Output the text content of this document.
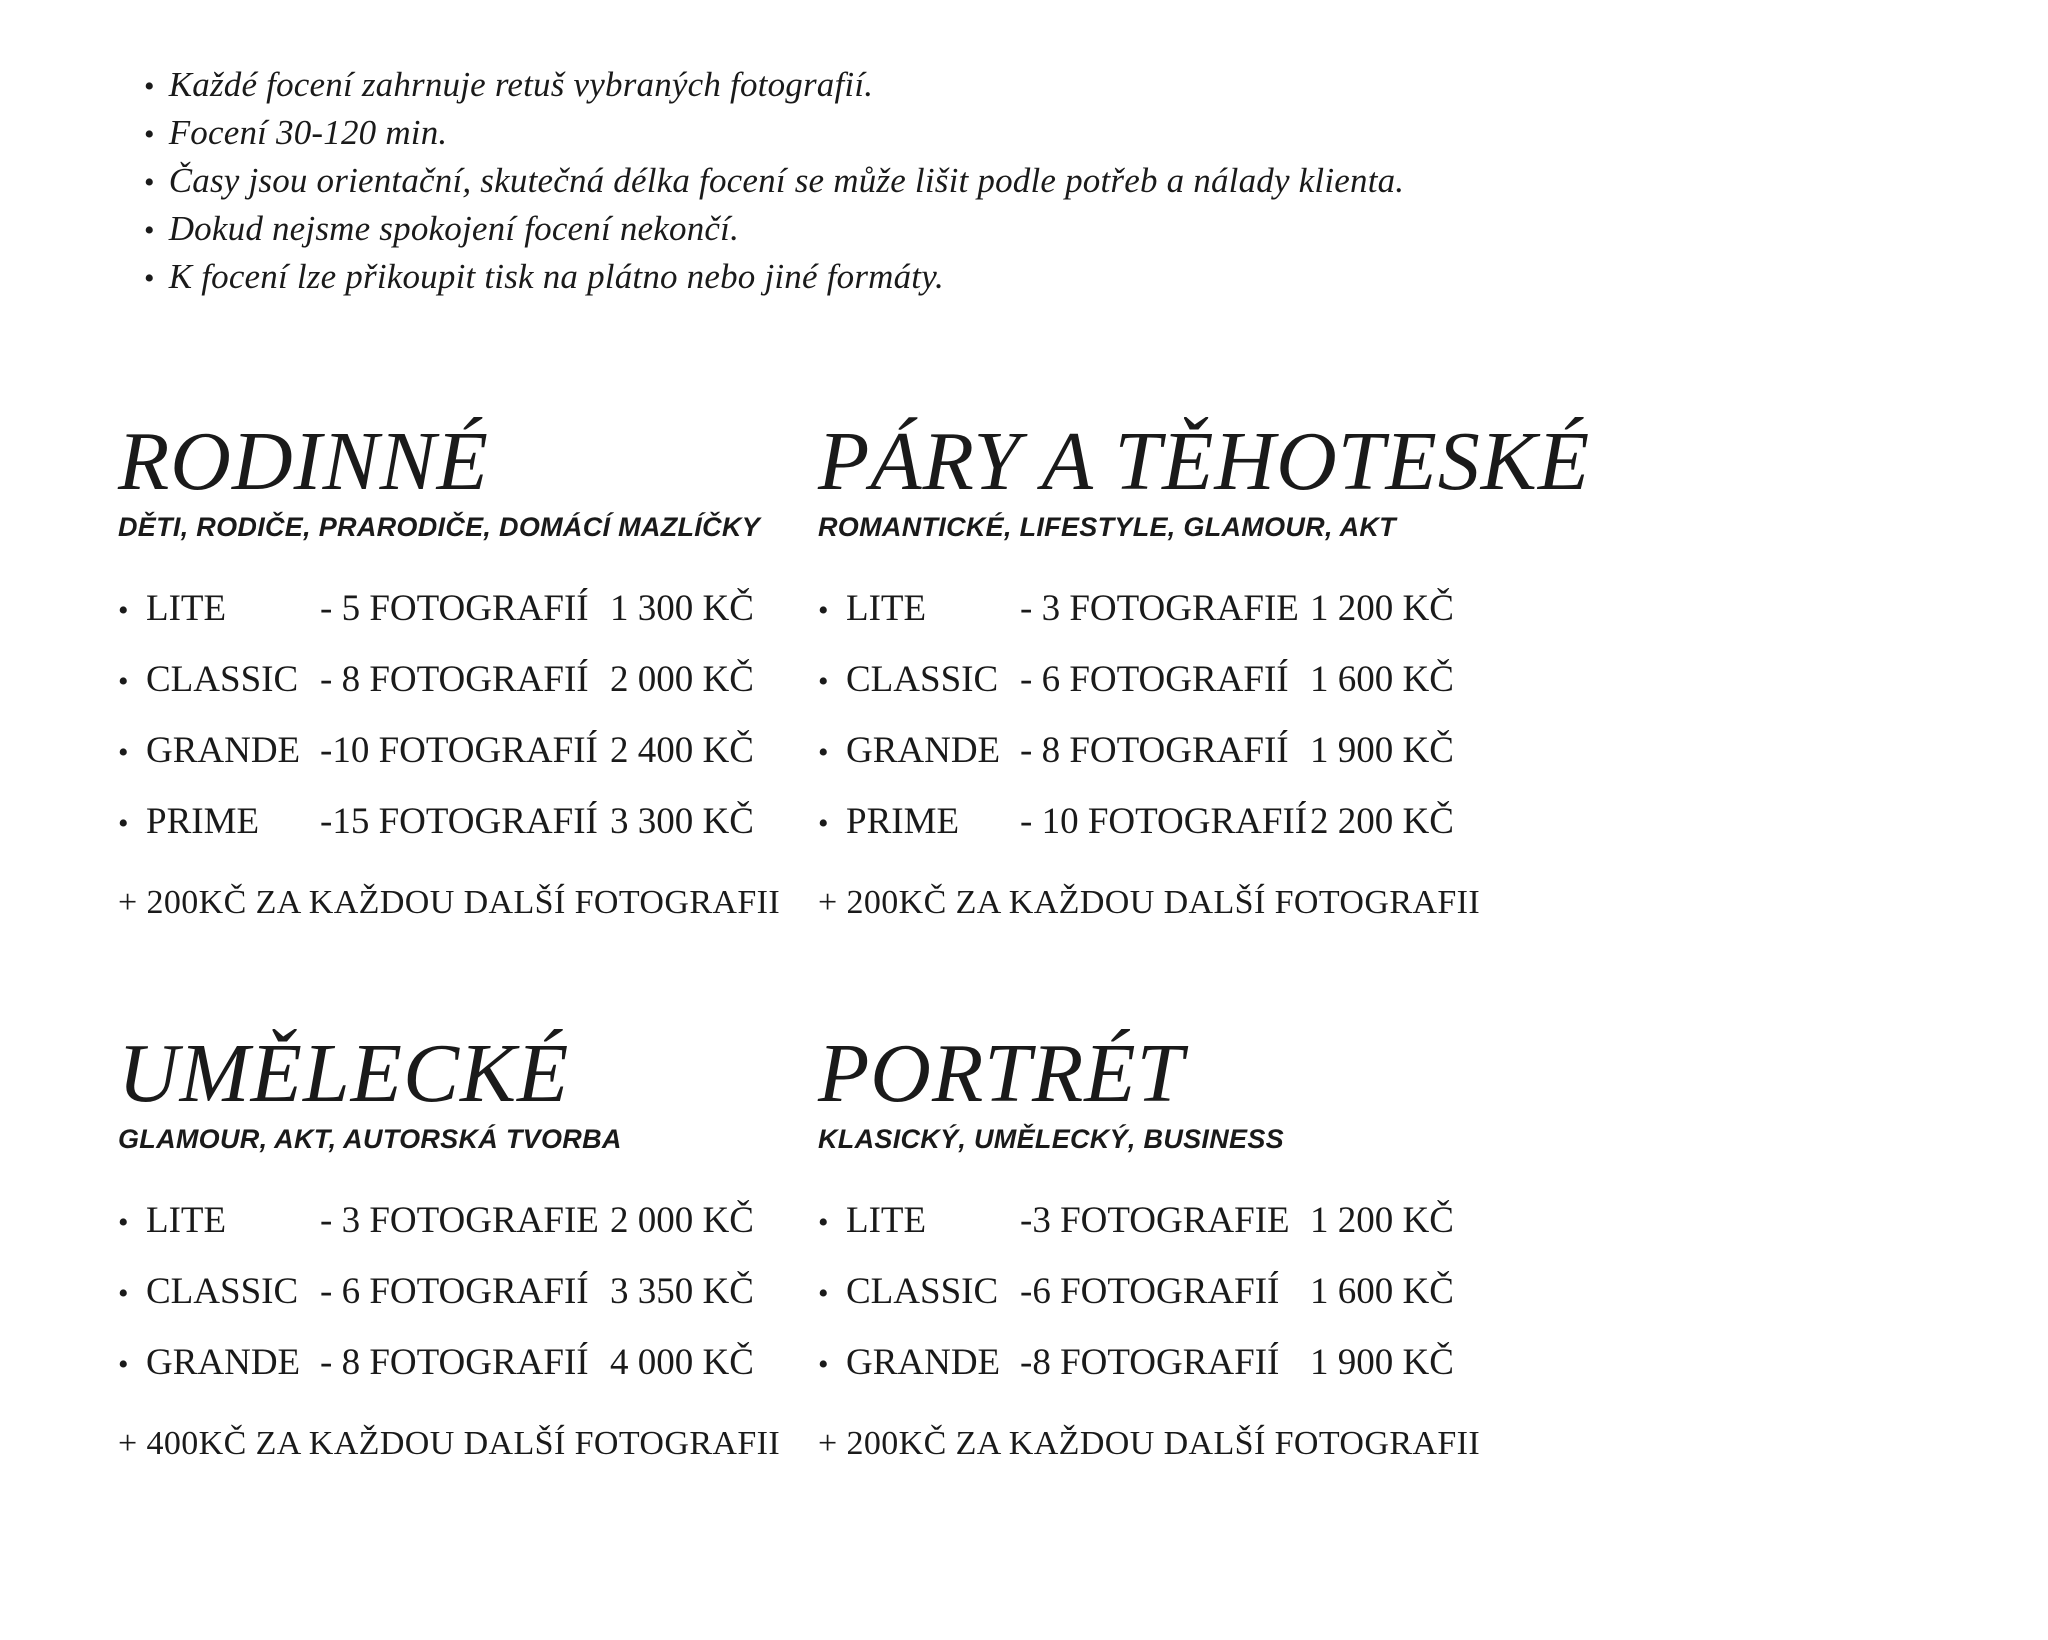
• Každé focení zahrnuje retuš vybraných fotografií.
• Focení 30-120 min.
• Časy jsou orientační, skutečná délka focení se může lišit podle potřeb a nálady klienta.
• Dokud nejsme spokojení focení nekončí.
• K focení lze přikoupit tisk na plátno nebo jiné formáty.
RODINNÉ
DĚTI, RODIČE, PRARODIČE, DOMÁCÍ MAZLÍČKY
• LITE	- 5 FOTOGRAFIÍ 1 300 KČ
• CLASSIC - 8 FOTOGRAFIÍ 2 000 KČ
• GRANDE -10 FOTOGRAFIÍ 2 400 KČ
• PRIME	-15 FOTOGRAFIÍ 3 300 KČ
+ 200KČ ZA KAŽDOU DALŠÍ FOTOGRAFII
PÁRY A TĚHOTESKÉ
ROMANTICKÉ, LIFESTYLE, GLAMOUR, AKT
• LITE	- 3 FOTOGRAFIE 1 200 KČ
• CLASSIC - 6 FOTOGRAFIÍ 1 600 KČ
• GRANDE - 8 FOTOGRAFIÍ 1 900 KČ
• PRIME	- 10 FOTOGRAFIÍ 2 200 KČ
+ 200KČ ZA KAŽDOU DALŠÍ FOTOGRAFII
UMĚLECKÉ
GLAMOUR, AKT, AUTORSKÁ TVORBA
• LITE	- 3 FOTOGRAFIE 2 000 KČ
• CLASSIC - 6 FOTOGRAFIÍ 3 350 KČ
• GRANDE - 8 FOTOGRAFIÍ 4 000 KČ
+ 400KČ ZA KAŽDOU DALŠÍ FOTOGRAFII
PORTRÉT
KLASICKÝ, UMĚLECKÝ, BUSINESS
• LITE	-3 FOTOGRAFIE 1 200 KČ
• CLASSIC -6 FOTOGRAFIÍ 1 600 KČ
• GRANDE -8 FOTOGRAFIÍ 1 900 KČ
+ 200KČ ZA KAŽDOU DALŠÍ FOTOGRAFII
